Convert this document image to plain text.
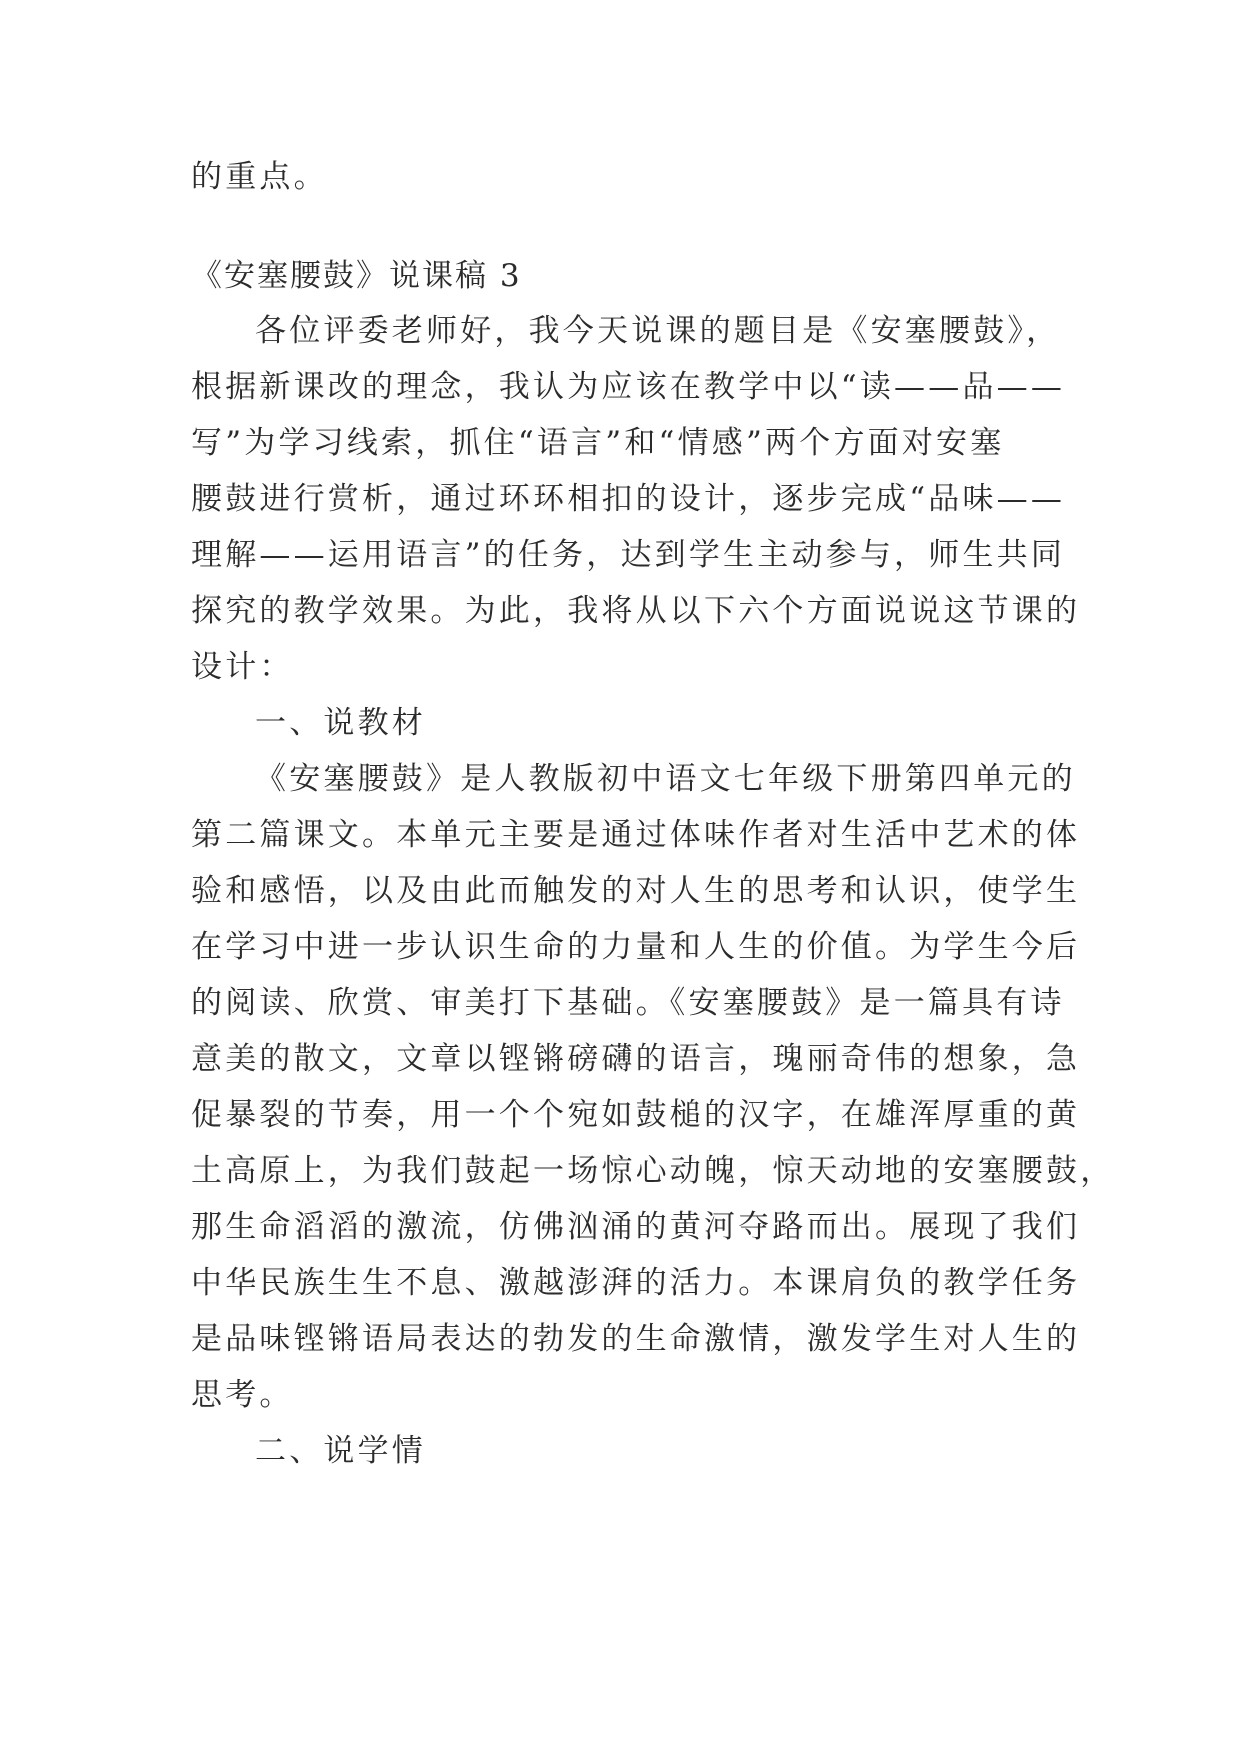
的重点。
《安塞腰鼓》说课稿 3
各位评委老师好，我今天说课的题目是《安塞腰鼓》，
根据新课改的理念，我认为应该在教学中以“读——品——
写”为学习线索，抓住“语言”和“情感”两个方面对安塞
腰鼓进行赏析，通过环环相扣的设计，逐步完成“品味——
理解——运用语言”的任务，达到学生主动参与，师生共同
探究的教学效果。为此，我将从以下六个方面说说这节课的
设计：
一、说教材
《安塞腰鼓》是人教版初中语文七年级下册第四单元的
第二篇课文。本单元主要是通过体味作者对生活中艺术的体
验和感悟，以及由此而触发的对人生的思考和认识，使学生
在学习中进一步认识生命的力量和人生的价值。为学生今后
的阅读、欣赏、审美打下基础。《安塞腰鼓》是一篇具有诗
意美的散文，文章以铿锵磅礴的语言，瑰丽奇伟的想象，急
促暴裂的节奏，用一个个宛如鼓槌的汉字，在雄浑厚重的黄
土高原上，为我们鼓起一场惊心动魄，惊天动地的安塞腰鼓，
那生命滔滔的激流，仿佛汹涌的黄河夺路而出。展现了我们
中华民族生生不息、激越澎湃的活力。本课肩负的教学任务
是品味铿锵语局表达的勃发的生命激情，激发学生对人生的
思考。
二、说学情
